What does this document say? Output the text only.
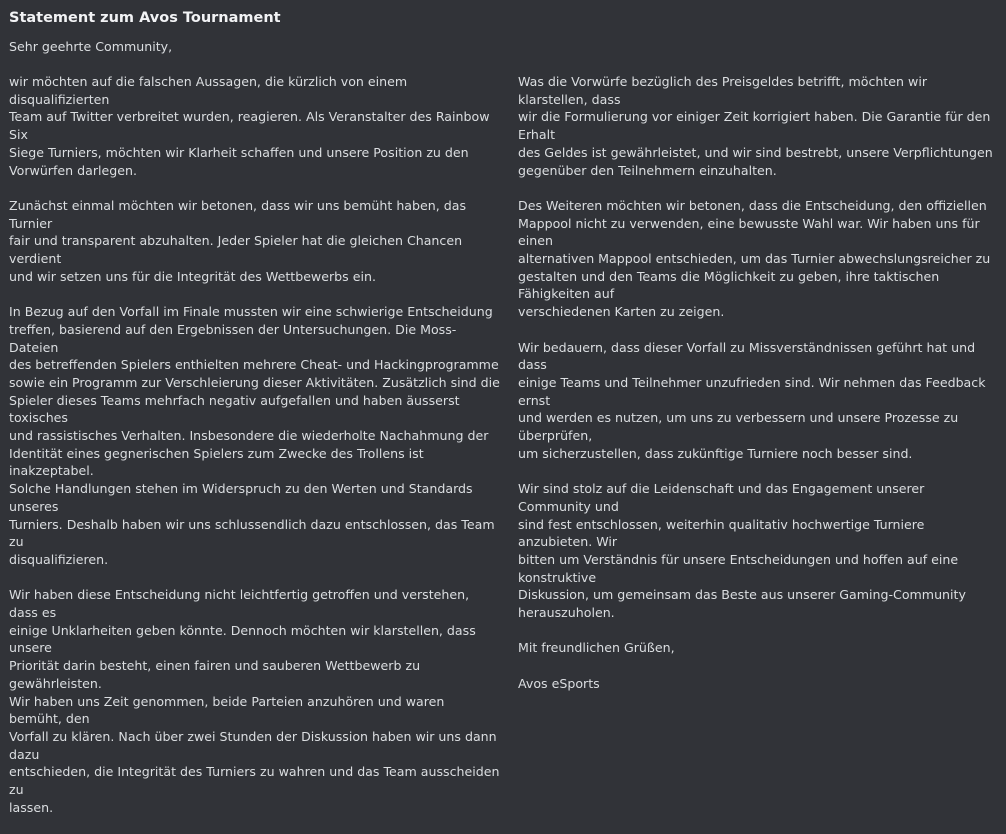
Statement zum Avos Tournament

Sehr geehrte Community,

wir möchten auf die falschen Aussagen, die kürzlich von einem disqualifizierten
Team auf Twitter verbreitet wurden, reagieren. Als Veranstalter des Rainbow Six
Siege Turniers, möchten wir Klarheit schaffen und unsere Position zu den
Vorwürfen darlegen.

Zunächst einmal möchten wir betonen, dass wir uns bemüht haben, das Turnier
fair und transparent abzuhalten. Jeder Spieler hat die gleichen Chancen verdient
und wir setzen uns für die Integrität des Wettbewerbs ein.

In Bezug auf den Vorfall im Finale mussten wir eine schwierige Entscheidung
treffen, basierend auf den Ergebnissen der Untersuchungen. Die Moss-Dateien
des betreffenden Spielers enthielten mehrere Cheat- und Hackingprogramme
sowie ein Programm zur Verschleierung dieser Aktivitäten. Zusätzlich sind die
Spieler dieses Teams mehrfach negativ aufgefallen und haben äusserst toxisches
und rassistisches Verhalten. Insbesondere die wiederholte Nachahmung der
Identität eines gegnerischen Spielers zum Zwecke des Trollens ist inakzeptabel.
Solche Handlungen stehen im Widerspruch zu den Werten und Standards unseres
Turniers. Deshalb haben wir uns schlussendlich dazu entschlossen, das Team zu
disqualifizieren.

Wir haben diese Entscheidung nicht leichtfertig getroffen und verstehen, dass es
einige Unklarheiten geben könnte. Dennoch möchten wir klarstellen, dass unsere
Priorität darin besteht, einen fairen und sauberen Wettbewerb zu gewährleisten.
Wir haben uns Zeit genommen, beide Parteien anzuhören und waren bemüht, den
Vorfall zu klären. Nach über zwei Stunden der Diskussion haben wir uns dann dazu
entschieden, die Integrität des Turniers zu wahren und das Team ausscheiden zu
lassen.

Was die Vorwürfe bezüglich des Preisgeldes betrifft, möchten wir klarstellen, dass
wir die Formulierung vor einiger Zeit korrigiert haben. Die Garantie für den Erhalt
des Geldes ist gewährleistet, und wir sind bestrebt, unsere Verpflichtungen
gegenüber den Teilnehmern einzuhalten.

Des Weiteren möchten wir betonen, dass die Entscheidung, den offiziellen
Mappool nicht zu verwenden, eine bewusste Wahl war. Wir haben uns für einen
alternativen Mappool entschieden, um das Turnier abwechslungsreicher zu
gestalten und den Teams die Möglichkeit zu geben, ihre taktischen Fähigkeiten auf
verschiedenen Karten zu zeigen.

Wir bedauern, dass dieser Vorfall zu Missverständnissen geführt hat und dass
einige Teams und Teilnehmer unzufrieden sind. Wir nehmen das Feedback ernst
und werden es nutzen, um uns zu verbessern und unsere Prozesse zu überprüfen,
um sicherzustellen, dass zukünftige Turniere noch besser sind.

Wir sind stolz auf die Leidenschaft und das Engagement unserer Community und
sind fest entschlossen, weiterhin qualitativ hochwertige Turniere anzubieten. Wir
bitten um Verständnis für unsere Entscheidungen und hoffen auf eine konstruktive
Diskussion, um gemeinsam das Beste aus unserer Gaming-Community
herauszuholen.

Mit freundlichen Grüßen,

Avos eSports
